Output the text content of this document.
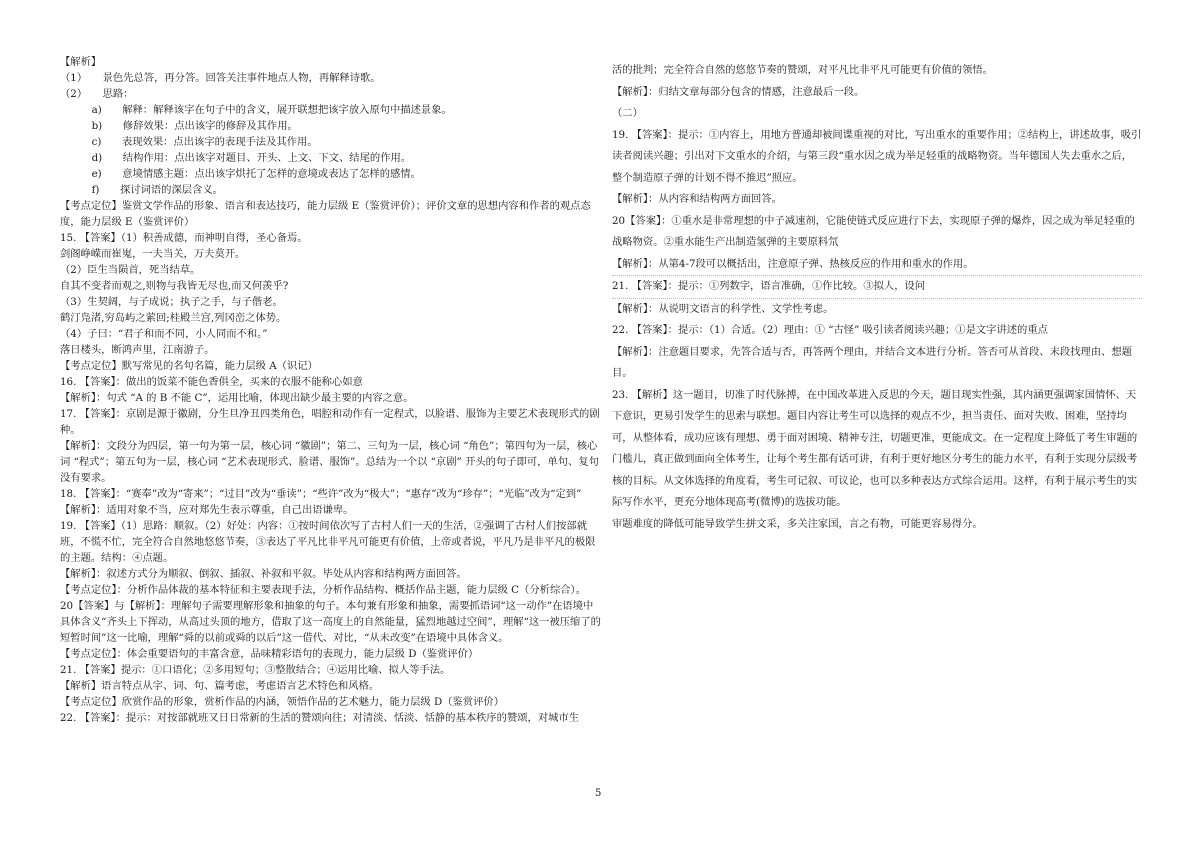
【解析】
（1）　　景色先总答，再分答。回答关注事件地点人物，再解释诗歌。
（2）　　思路：
　 a)　　解释：解释该字在句子中的含义，展开联想把该字放入原句中描述景象。
　 b)　　修辞效果：点出该字的修辞及其作用。
　 c)　　表现效果：点出该字的表现手法及其作用。
　 d)　　结构作用：点出该字对题目、开头、上文、下文、结尾的作用。
　 e)　　意境情感主题：点出该字烘托了怎样的意境或表达了怎样的感情。
　 f)　　探讨词语的深层含义。
【考点定位】鉴赏文学作品的形象、语言和表达技巧，能力层级 E（鉴赏评价）；评价文章的思想内容和作者的观点态度，能力层级 E（鉴赏评价）
15. 【答案】（1）积善成德，而神明自得，圣心备焉。
剑阁峥嵘而崔嵬，一夫当关，万夫莫开。
（2）臣生当陨首，死当结草。
自其不变者而观之,则物与我皆无尽也,而又何羡乎?
（3）生契阔，与子成说；执子之手，与子偕老。
鹤汀凫渚,穷岛屿之萦回;桂殿兰宫,列冈峦之体势。
（4）子曰：“君子和而不同，小人同而不和。”
落日楼头，断鸿声里，江南游子。
【考点定位】默写常见的名句名篇，能力层级 A（识记）
16. 【答案】：做出的饭菜不能色香俱全，买来的衣服不能称心如意
【解析】：句式 “A 的 B 不能 C”，运用比喻，体现出缺少最主要的内容之意。
17. 【答案】：京剧是源于徽剧，分生旦净丑四类角色，唱腔和动作有一定程式，以脸谱、服饰为主要艺术表现形式的剧种。
【解析】：文段分为四层，第一句为第一层，核心词 “徽剧”；第二、三句为一层，核心词 “角色”；第四句为一层，核心词 “程式”；第五句为一层，核心词 “艺术表现形式、脸谱、服饰”。总结为一个以 “京剧” 开头的句子即可，单句、复句没有要求。
18. 【答案】：“赛奉”改为“寄来”；“过目”改为“垂读”；“些许”改为“极大”；“惠存”改为“珍存”；“光临”改为“定到”
【解析】：适用对象不当，应对郑先生表示尊重，自己出语谦卑。
19. 【答案】（1）思路：顺叙。（2）好处：内容：①按时间依次写了古村人们一天的生活，②强调了古村人们按部就班，不慌不忙，完全符合自然地悠悠节奏，③表达了平凡比非平凡可能更有价值，上帝或者说，平凡乃是非平凡的极限的主题。结构：④点题。
【解析】：叙述方式分为顺叙、倒叙、插叙、补叙和平叙。毕处从内容和结构两方面回答。
【考点定位】：分析作品体裁的基本特征和主要表现手法，分析作品结构、概括作品主题，能力层级 C（分析综合）。
20【答案】与【解析】：理解句子需要理解形象和抽象的句子。本句兼有形象和抽象，需要抓语词“这一动作”在语境中具体含义“齐头上下挥动，从高过头顶的地方，借取了这一高度上的自然能量，猛烈地越过空间”，理解“这一被压缩了的短暂时间”这一比喻，理解“舜的以前或舜的以后”这一借代、对比，“从未改变”在语境中具体含义。
【考点定位】：体会重要语句的丰富含意，品味精彩语句的表现力，能力层级 D（鉴赏评价）
21. 【答案】提示：①口语化；②多用短句；③整散结合；④运用比喻、拟人等手法。
【解析】语言特点从字、词、句、篇考虑，考虑语言艺术特色和风格。
【考点定位】欣赏作品的形象，赏析作品的内涵，领悟作品的艺术魅力，能力层级 D（鉴赏评价）
22. 【答案】：提示：对按部就班又日日常新的生活的赞颂向往；对清淡、恬淡、恬静的基本秩序的赞颂，对城市生
活的批判；完全符合自然的悠悠节奏的赞颂，对平凡比非平凡可能更有价值的领悟。
【解析】：归结文章每部分包含的情感，注意最后一段。
（二）
19. 【答案】：提示：①内容上，用地方普通却被间谍重视的对比，写出重水的重要作用；②结构上，讲述故事，吸引读者阅读兴趣；引出对下文重水的介绍，与第三段“重水因之成为举足轻重的战略物资。当年德国人失去重水之后，整个制造原子弹的计划不得不推迟”照应。
【解析】：从内容和结构两方面回答。
20【答案】：①重水是非常理想的中子减速剂，它能使链式反应进行下去，实现原子弹的爆炸，因之成为举足轻重的战略物资。②重水能生产出制造氢弹的主要原料氘
【解析】：从第4-7段可以概括出，注意原子弹、热核反应的作用和重水的作用。
21. 【答案】：提示：①列数字，语言准确，①作比较。③拟人，设问
【解析】：从说明文语言的科学性、文学性考虑。
22. 【答案】：提示：（1）合适。（2）理由：① “古怪” 吸引读者阅读兴趣；①是文字讲述的重点
【解析】：注意题目要求，先答合适与否，再答两个理由，并结合文本进行分析。答否可从首段、末段找理由、想题目。
23. 【解析】这一题目，切准了时代脉搏，在中国改革进入反思的今天，题目现实性强，其内涵更强调家国情怀、天下意识，更易引发学生的思索与联想。题目内容让考生可以选择的观点不少，担当责任、面对失败、困难，坚持均可，从整体看，成功应该有理想、勇于面对困境、精神专注，切题更准，更能成文。在一定程度上降低了考生审题的门槛儿，真正做到面向全体考生，让每个考生都有话可讲，有利于更好地区分考生的能力水平，有利于实现分层级考核的目标。从文体选择的角度看，考生可记叙、可议论，也可以多种表达方式综合运用。这样，有利于展示考生的实际写作水平，更充分地体现高考(微博)的选拔功能。
审题难度的降低可能导致学生拼文采，多关注家国，言之有物，可能更容易得分。
5
